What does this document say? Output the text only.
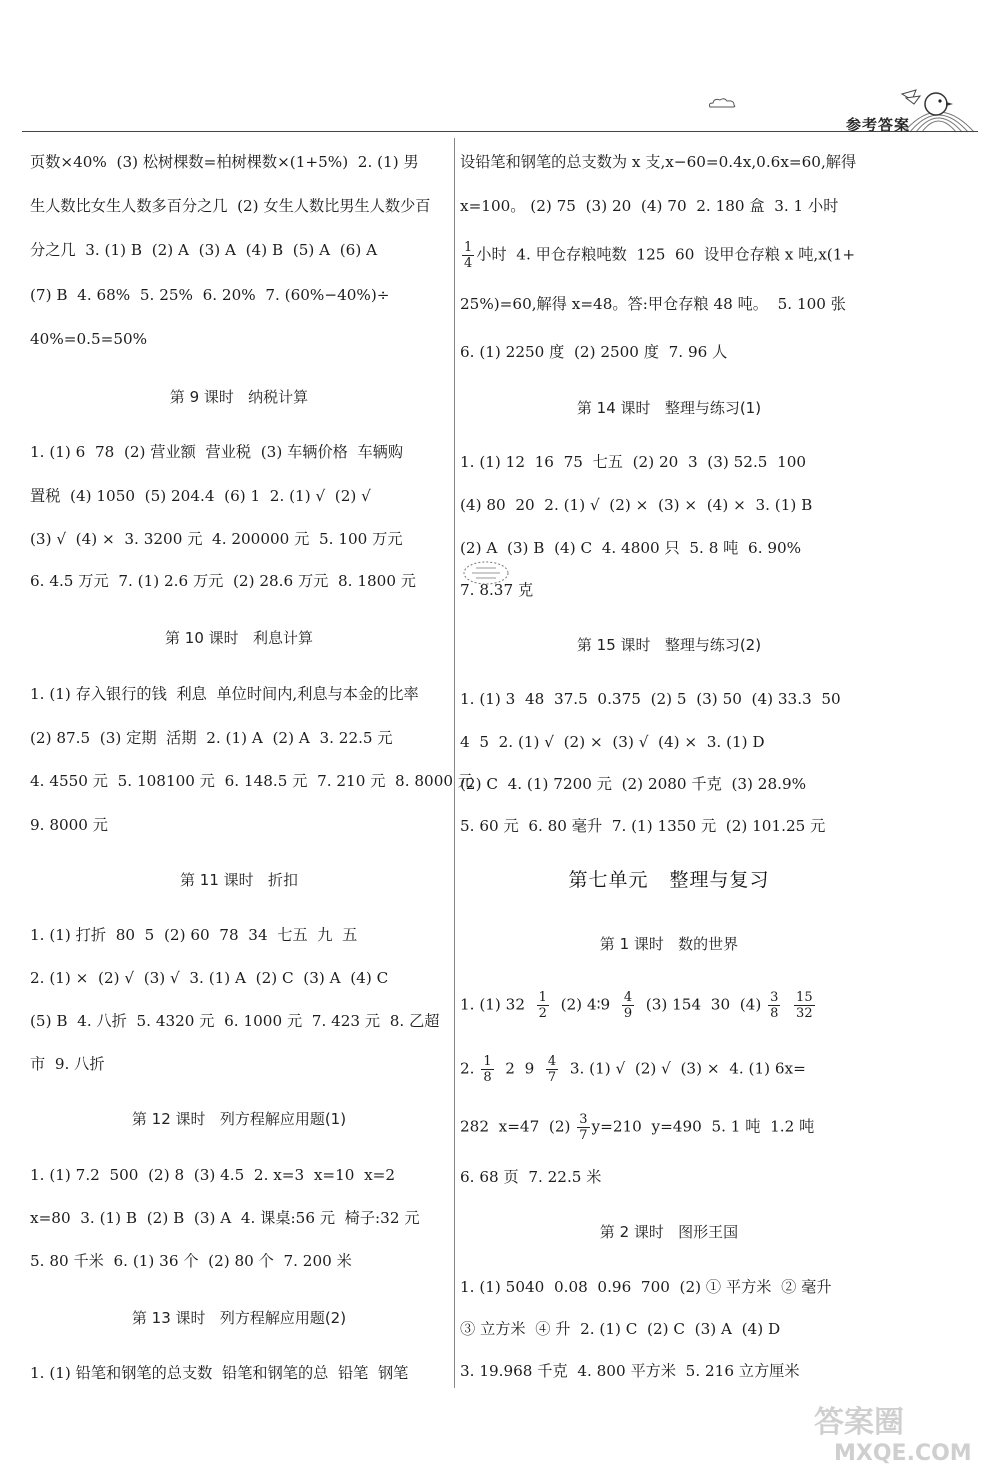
参考答案
页数×40%  (3) 松树棵数=柏树棵数×(1+5%)  2. (1) 男
生人数比女生人数多百分之几  (2) 女生人数比男生人数少百
分之几  3. (1) B  (2) A  (3) A  (4) B  (5) A  (6) A
(7) B  4. 68%  5. 25%  6. 20%  7. (60%−40%)÷
40%=0.5=50%
第 9 课时   纳税计算
1. (1) 6  78  (2) 营业额  营业税  (3) 车辆价格  车辆购
置税  (4) 1050  (5) 204.4  (6) 1  2. (1) √  (2) √
(3) √  (4) ×  3. 3200 元  4. 200000 元  5. 100 万元
6. 4.5 万元  7. (1) 2.6 万元  (2) 28.6 万元  8. 1800 元
第 10 课时   利息计算
1. (1) 存入银行的钱  利息  单位时间内,利息与本金的比率
(2) 87.5  (3) 定期  活期  2. (1) A  (2) A  3. 22.5 元
4. 4550 元  5. 108100 元  6. 148.5 元  7. 210 元  8. 8000 元
9. 8000 元
第 11 课时   折扣
1. (1) 打折  80  5  (2) 60  78  34  七五  九  五
2. (1) ×  (2) √  (3) √  3. (1) A  (2) C  (3) A  (4) C
(5) B  4. 八折  5. 4320 元  6. 1000 元  7. 423 元  8. 乙超
市  9. 八折
第 12 课时   列方程解应用题(1)
1. (1) 7.2  500  (2) 8  (3) 4.5  2. x=3  x=10  x=2
x=80  3. (1) B  (2) B  (3) A  4. 课桌:56 元  椅子:32 元
5. 80 千米  6. (1) 36 个  (2) 80 个  7. 200 米
第 13 课时   列方程解应用题(2)
1. (1) 铅笔和钢笔的总支数  铅笔和钢笔的总  铅笔  钢笔
设铅笔和钢笔的总支数为 x 支,x−60=0.4x,0.6x=60,解得
x=100。 (2) 75  (3) 20  (4) 70  2. 180 盒  3. 1 小时
$\frac{1}{4}$ 小时  4. 甲仓存粮吨数  125  60  设甲仓存粮 x 吨,x(1+
25%)=60,解得 x=48。答:甲仓存粮 48 吨。  5. 100 张
6. (1) 2250 度  (2) 2500 度  7. 96 人
第 14 课时   整理与练习(1)
1. (1) 12  16  75  七五  (2) 20  3  (3) 52.5  100
(4) 80  20  2. (1) √  (2) ×  (3) ×  (4) ×  3. (1) B
(2) A  (3) B  (4) C  4. 4800 只  5. 8 吨  6. 90%
7. 8.37 克
第 15 课时   整理与练习(2)
1. (1) 3  48  37.5  0.375  (2) 5  (3) 50  (4) 33.3  50
4  5  2. (1) √  (2) ×  (3) √  (4) ×  3. (1) D
(2) C  4. (1) 7200 元  (2) 2080 千克  (3) 28.9%
5. 60 元  6. 80 毫升  7. (1) 1350 元  (2) 101.25 元
第七单元   整理与复习
第 1 课时   数的世界
1. (1) $32 \frac{1}{2} (2)$ 4∶9 $\frac{4}{9} (3)$ 154  30  $(4) \frac{3}{8}$
$\frac{15}{32}$
2. $\frac{1}{8} 2$  $9 \frac{4}{7} 3$. (1) √  (2) √  (3) ×  4. (1) 6x=
282  x=47  $(2) \frac{3}{7} y=210$  y=490  5. 1 吨  1.2 吨
6. 68 页  7. 22.5 米
第 2 课时   图形王国
1. (1) 5040  0.08  0.96  700  (2) ① 平方米  ② 毫升
③ 立方米  ④ 升  2. (1) C  (2) C  (3) A  (4) D
3. 19.968 千克  4. 800 平方米  5. 216 立方厘米
答案圈
MXQE.COM
